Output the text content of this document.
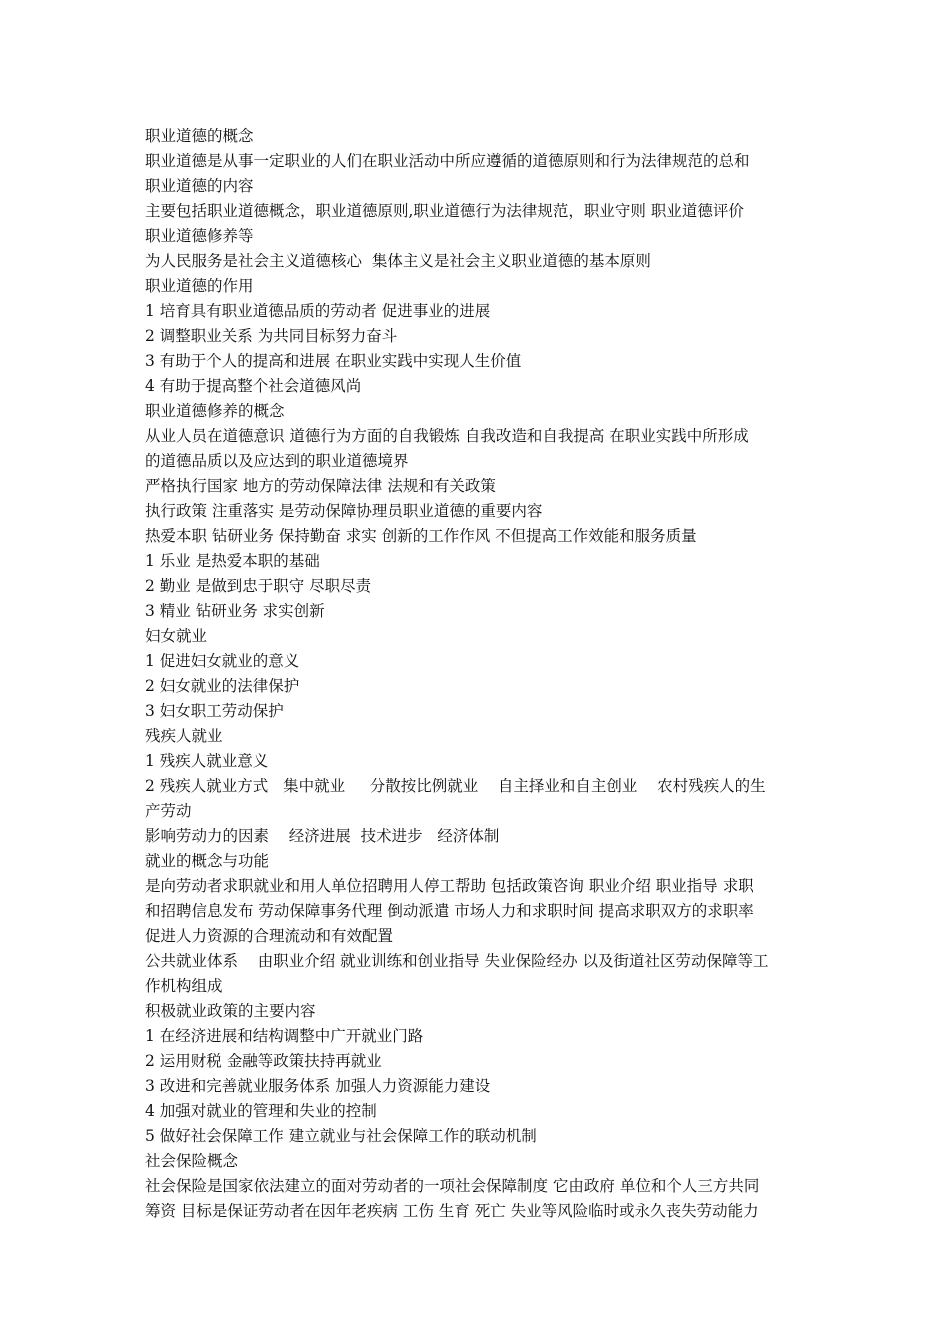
职业道德的概念

职业道德是从事一定职业的人们在职业活动中所应遵循的道德原则和行为法律规范的总和

职业道德的内容

主要包括职业道德概念，职业道德原则,职业道德行为法律规范，职业守则 职业道德评价

职业道德修养等

为人民服务是社会主义道德核心  集体主义是社会主义职业道德的基本原则

职业道德的作用

1 培育具有职业道德品质的劳动者 促进事业的进展

2 调整职业关系 为共同目标努力奋斗

3 有助于个人的提高和进展 在职业实践中实现人生价值

4 有助于提高整个社会道德风尚

职业道德修养的概念

从业人员在道德意识 道德行为方面的自我锻炼 自我改造和自我提高 在职业实践中所形成

的道德品质以及应达到的职业道德境界

严格执行国家 地方的劳动保障法律 法规和有关政策

执行政策 注重落实 是劳动保障协理员职业道德的重要内容

热爱本职 钻研业务 保持勤奋 求实 创新的工作作风 不但提高工作效能和服务质量

1 乐业 是热爱本职的基础

2 勤业 是做到忠于职守 尽职尽责

3 精业 钻研业务 求实创新

妇女就业

1 促进妇女就业的意义

2 妇女就业的法律保护

3 妇女职工劳动保护

残疾人就业

1 残疾人就业意义

2 残疾人就业方式   集中就业     分散按比例就业    自主择业和自主创业    农村残疾人的生

产劳动

影响劳动力的因素    经济进展  技术进步   经济体制

就业的概念与功能

是向劳动者求职就业和用人单位招聘用人停工帮助 包括政策咨询 职业介绍 职业指导 求职

和招聘信息发布 劳动保障事务代理 倒动派遣 市场人力和求职时间 提高求职双方的求职率

促进人力资源的合理流动和有效配置

公共就业体系    由职业介绍 就业训练和创业指导 失业保险经办 以及街道社区劳动保障等工

作机构组成

积极就业政策的主要内容

1 在经济进展和结构调整中广开就业门路

2 运用财税 金融等政策扶持再就业

3 改进和完善就业服务体系 加强人力资源能力建设

4 加强对就业的管理和失业的控制

5 做好社会保障工作 建立就业与社会保障工作的联动机制

社会保险概念

社会保险是国家依法建立的面对劳动者的一项社会保障制度 它由政府 单位和个人三方共同

筹资 目标是保证劳动者在因年老疾病 工伤 生育 死亡 失业等风险临时或永久丧失劳动能力
